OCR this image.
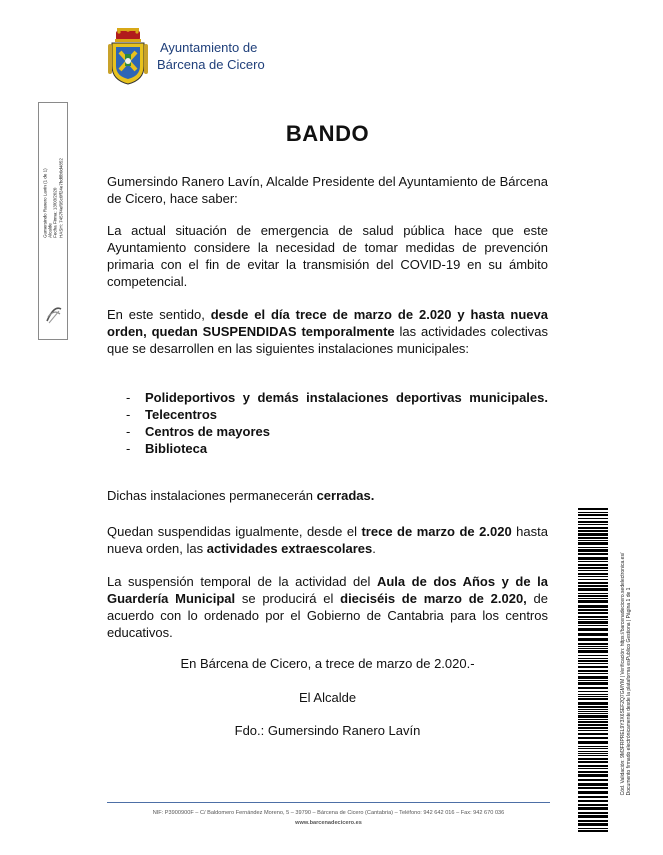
Ayuntamiento de
Bárcena de Cicero
Gumersindo Ranero Lavín (1 de 1) Alcalde Fecha Firma: 13/03/2020 HASH: 7457f4ef95c0ff24e7bd8b0d4852
BANDO
Gumersindo Ranero Lavín, Alcalde Presidente del Ayuntamiento de Bárcena de Cicero, hace saber:
La actual situación de emergencia de salud pública hace que este Ayuntamiento considere la necesidad de tomar medidas de prevención primaria con el fin de evitar la transmisión del COVID-19 en su ámbito competencial.
En este sentido, desde el día trece de marzo de 2.020 y hasta nueva orden, quedan SUSPENDIDAS temporalmente las actividades colectivas que se desarrollen en las siguientes instalaciones municipales:
- Polideportivos y demás instalaciones deportivas municipales.
- Telecentros
- Centros de mayores
- Biblioteca
Dichas instalaciones permanecerán cerradas.
Quedan suspendidas igualmente, desde el trece de marzo de 2.020 hasta nueva orden, las actividades extraescolares.
La suspensión temporal de la actividad del Aula de dos Años y de la Guardería Municipal se producirá el dieciséis de marzo de 2.020, de acuerdo con lo ordenado por el Gobierno de Cantabria para los centros educativos.
En Bárcena de Cicero, a trece de marzo de 2.020.-
El Alcalde
Fdo.: Gumersindo Ranero Lavín
NIF: P3900900F – C/ Baldomero Fernández Moreno, 5 – 39790 – Bárcena de Cicero (Cantabria) – Teléfono: 942 642 016 – Fax: 942 670 036
www.barcenadecicero.es
Cód. Validación: 9M3FRPREL9Y3X6SEF2Q7GMYM | Verificación: https://barcenadecicero.sedelectronica.es/ Documento firmado electrónicamente desde la plataforma esPublico Gestiona | Página 1 de 1
